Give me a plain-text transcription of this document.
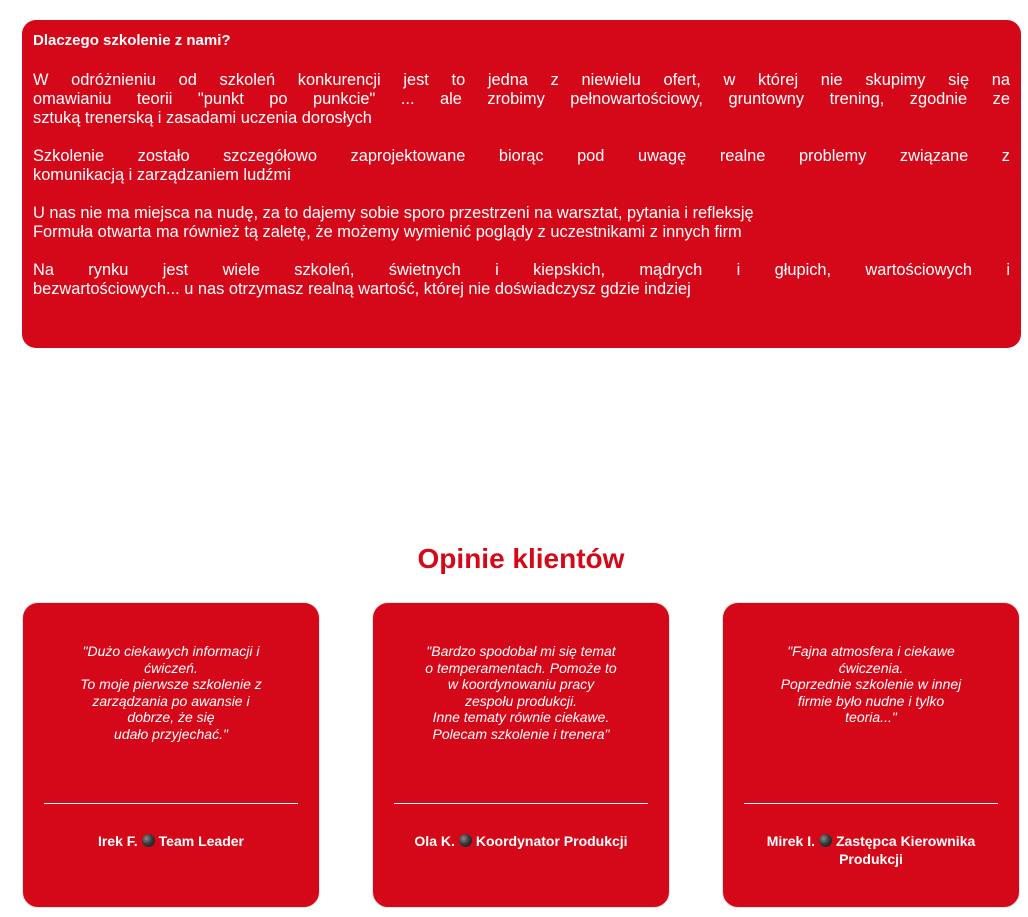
Dlaczego szkolenie z nami?
W odróżnieniu od szkoleń konkurencji jest to jedna z niewielu ofert, w której nie skupimy się na
omawianiu teorii "punkt po punkcie" ... ale zrobimy pełnowartościowy, gruntowny trening, zgodnie ze
sztuką trenerską i zasadami uczenia dorosłych
Szkolenie zostało szczegółowo zaprojektowane biorąc pod uwagę realne problemy związane z
komunikacją i zarządzaniem ludźmi
U nas nie ma miejsca na nudę, za to dajemy sobie sporo przestrzeni na warsztat, pytania i refleksję
Formuła otwarta ma również tą zaletę, że możemy wymienić poglądy z uczestnikami z innych firm
Na rynku jest wiele szkoleń, świetnych i kiepskich, mądrych i głupich, wartościowych i
bezwartościowych... u nas otrzymasz realną wartość, której nie doświadczysz gdzie indziej
Opinie klientów
"Dużo ciekawych informacji i
ćwiczeń.
To moje pierwsze szkolenie z
zarządzania po awansie i
dobrze, że się
udało przyjechać."
Irek F. Team Leader
"Bardzo spodobał mi się temat
o temperamentach. Pomoże to
w koordynowaniu pracy
zespołu produkcji.
Inne tematy równie ciekawe.
Polecam szkolenie i trenera"
Ola K. Koordynator Produkcji
"Fajna atmosfera i ciekawe
ćwiczenia.
Poprzednie szkolenie w innej
firmie było nudne i tylko
teoria..."
Mirek I. Zastępca Kierownika Produkcji
